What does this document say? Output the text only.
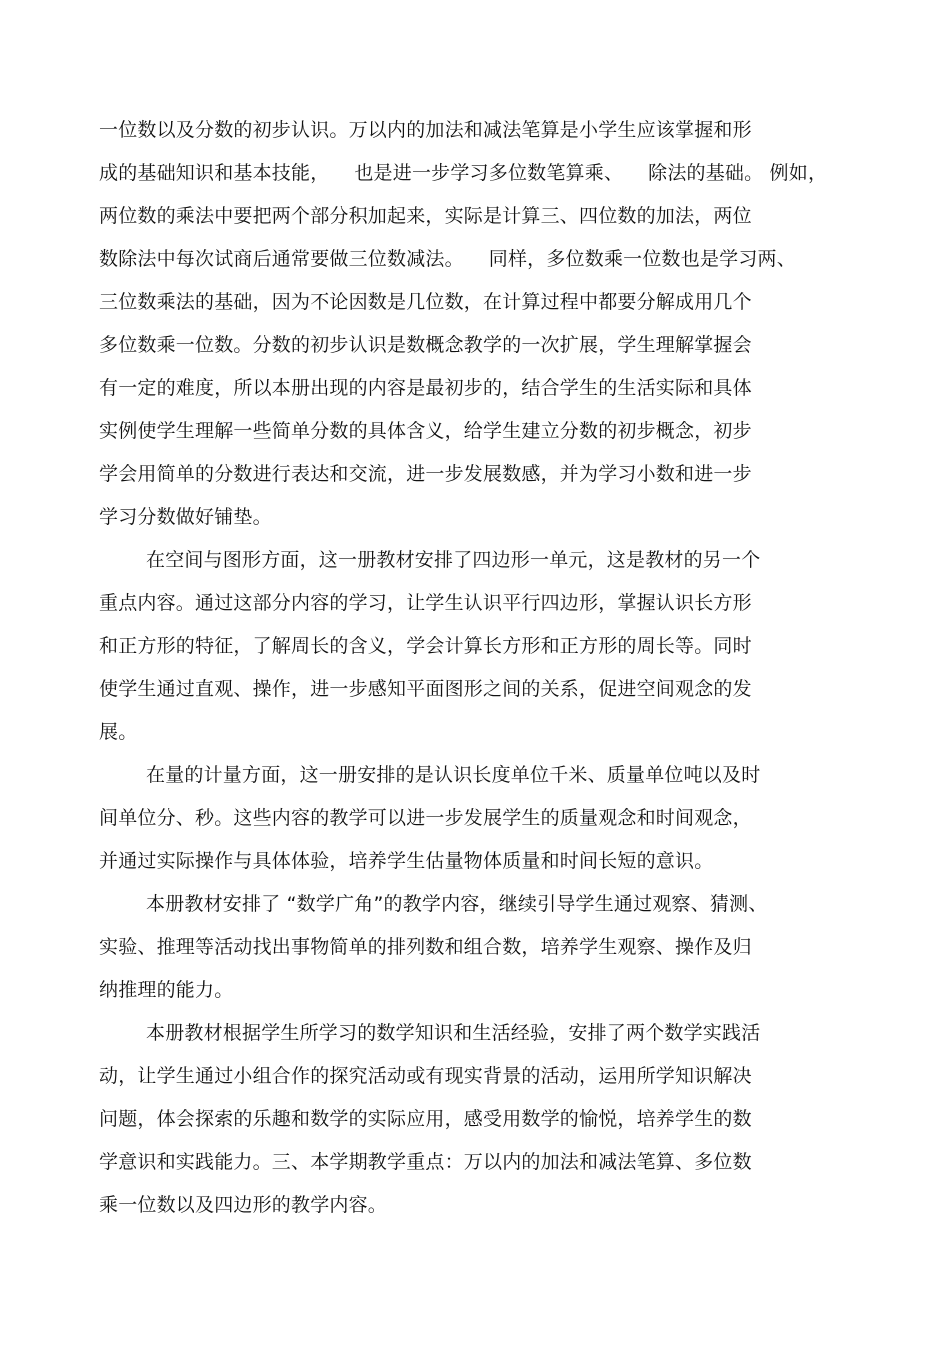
一位数以及分数的初步认识。万以内的加法和减法笔算是小学生应该掌握和形
成的基础知识和基本技能，    也是进一步学习多位数笔算乘、    除法的基础。 例如，
两位数的乘法中要把两个部分积加起来，实际是计算三、四位数的加法，两位
数除法中每次试商后通常要做三位数减法。    同样，多位数乘一位数也是学习两、
三位数乘法的基础，因为不论因数是几位数，在计算过程中都要分解成用几个
多位数乘一位数。分数的初步认识是数概念教学的一次扩展，学生理解掌握会
有一定的难度，所以本册出现的内容是最初步的，结合学生的生活实际和具体
实例使学生理解一些简单分数的具体含义，给学生建立分数的初步概念，初步
学会用简单的分数进行表达和交流，进一步发展数感，并为学习小数和进一步
学习分数做好铺垫。
在空间与图形方面，这一册教材安排了四边形一单元，这是教材的另一个
重点内容。通过这部分内容的学习，让学生认识平行四边形，掌握认识长方形
和正方形的特征，了解周长的含义，学会计算长方形和正方形的周长等。同时
使学生通过直观、操作，进一步感知平面图形之间的关系，促进空间观念的发
展。
在量的计量方面，这一册安排的是认识长度单位千米、质量单位吨以及时
间单位分、秒。这些内容的教学可以进一步发展学生的质量观念和时间观念，
并通过实际操作与具体体验，培养学生估量物体质量和时间长短的意识。
本册教材安排了 “数学广角”的教学内容，继续引导学生通过观察、猜测、
实验、推理等活动找出事物简单的排列数和组合数，培养学生观察、操作及归
纳推理的能力。
本册教材根据学生所学习的数学知识和生活经验，安排了两个数学实践活
动，让学生通过小组合作的探究活动或有现实背景的活动，运用所学知识解决
问题，体会探索的乐趣和数学的实际应用，感受用数学的愉悦，培养学生的数
学意识和实践能力。三、本学期教学重点：万以内的加法和减法笔算、多位数
乘一位数以及四边形的教学内容。
